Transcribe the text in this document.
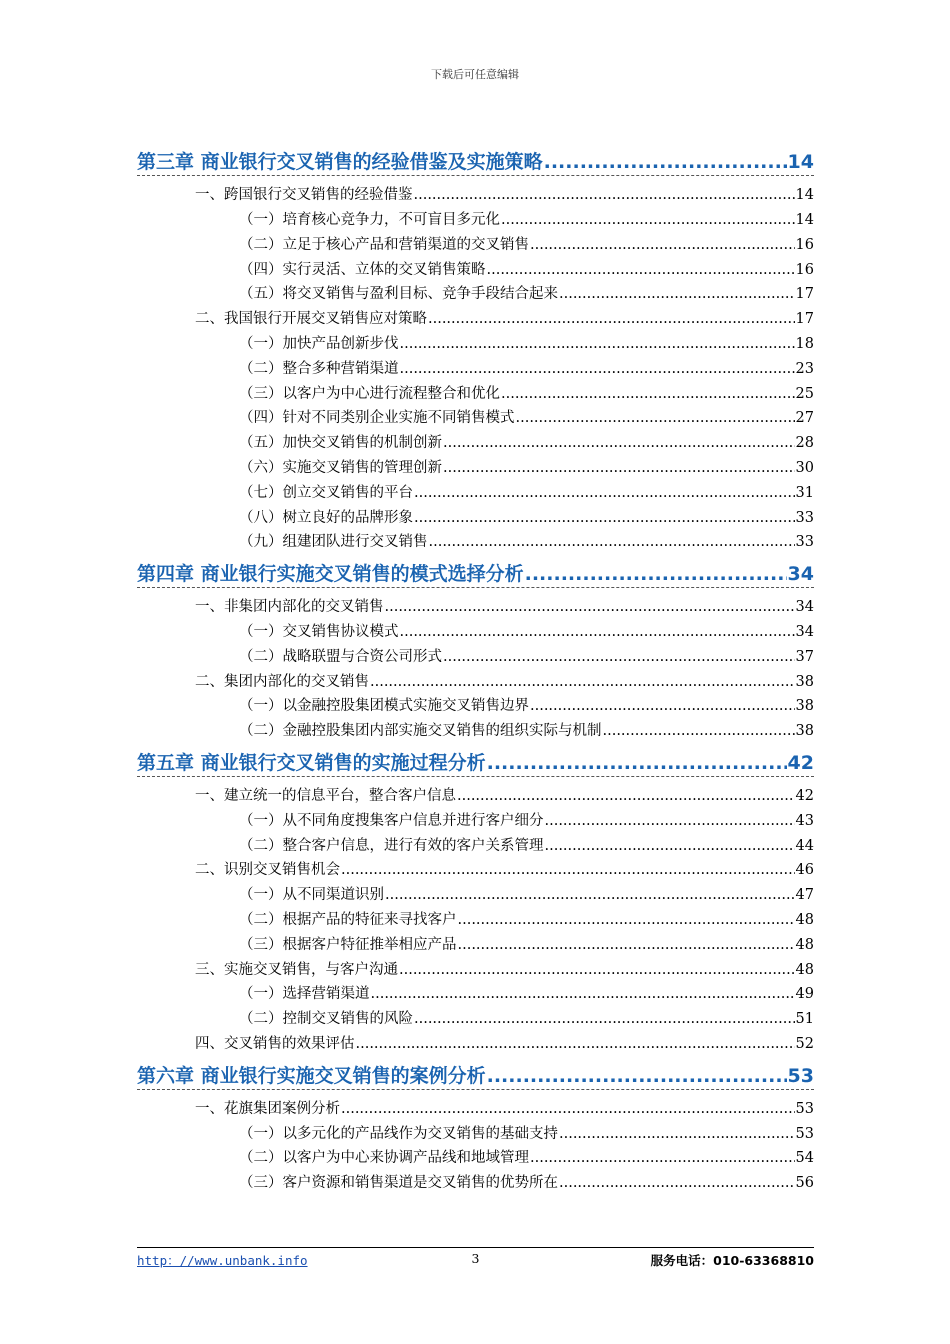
下载后可任意编辑
第三章 商业银行交叉销售的经验借鉴及实施策略 .....	14
一、跨国银行交叉销售的经验借鉴 .....	14
（一）培育核心竞争力，不可盲目多元化 .....	14
（二）立足于核心产品和营销渠道的交叉销售 .....	16
（四）实行灵活、立体的交叉销售策略 .....	16
（五）将交叉销售与盈利目标、竞争手段结合起来 .....	17
二、我国银行开展交叉销售应对策略 .....	17
（一）加快产品创新步伐 .....	18
（二）整合多种营销渠道 .....	23
（三）以客户为中心进行流程整合和优化 .....	25
（四）针对不同类别企业实施不同销售模式 .....	27
（五）加快交叉销售的机制创新 .....	28
（六）实施交叉销售的管理创新 .....	30
（七）创立交叉销售的平台 .....	31
（八）树立良好的品牌形象 .....	33
（九）组建团队进行交叉销售 .....	33
第四章 商业银行实施交叉销售的模式选择分析 .....	34
一、非集团内部化的交叉销售 .....	34
（一）交叉销售协议模式 .....	34
（二）战略联盟与合资公司形式 .....	37
二、集团内部化的交叉销售 .....	38
（一）以金融控股集团模式实施交叉销售边界 .....	38
（二）金融控股集团内部实施交叉销售的组织实际与机制 .....	38
第五章 商业银行交叉销售的实施过程分析 .....	42
一、建立统一的信息平台，整合客户信息 .....	42
（一）从不同角度搜集客户信息并进行客户细分 .....	43
（二）整合客户信息，进行有效的客户关系管理 .....	44
二、识别交叉销售机会 .....	46
（一）从不同渠道识别 .....	47
（二）根据产品的特征来寻找客户 .....	48
（三）根据客户特征推举相应产品 .....	48
三、实施交叉销售，与客户沟通 .....	48
（一）选择营销渠道 .....	49
（二）控制交叉销售的风险 .....	51
四、交叉销售的效果评估 .....	52
第六章 商业银行实施交叉销售的案例分析 .....	53
一、花旗集团案例分析 .....	53
（一）以多元化的产品线作为交叉销售的基础支持 .....	53
（二）以客户为中心来协调产品线和地域管理 .....	54
（三）客户资源和销售渠道是交叉销售的优势所在 .....	56
http：//www.unbank.info	3	服务电话：010-63368810
